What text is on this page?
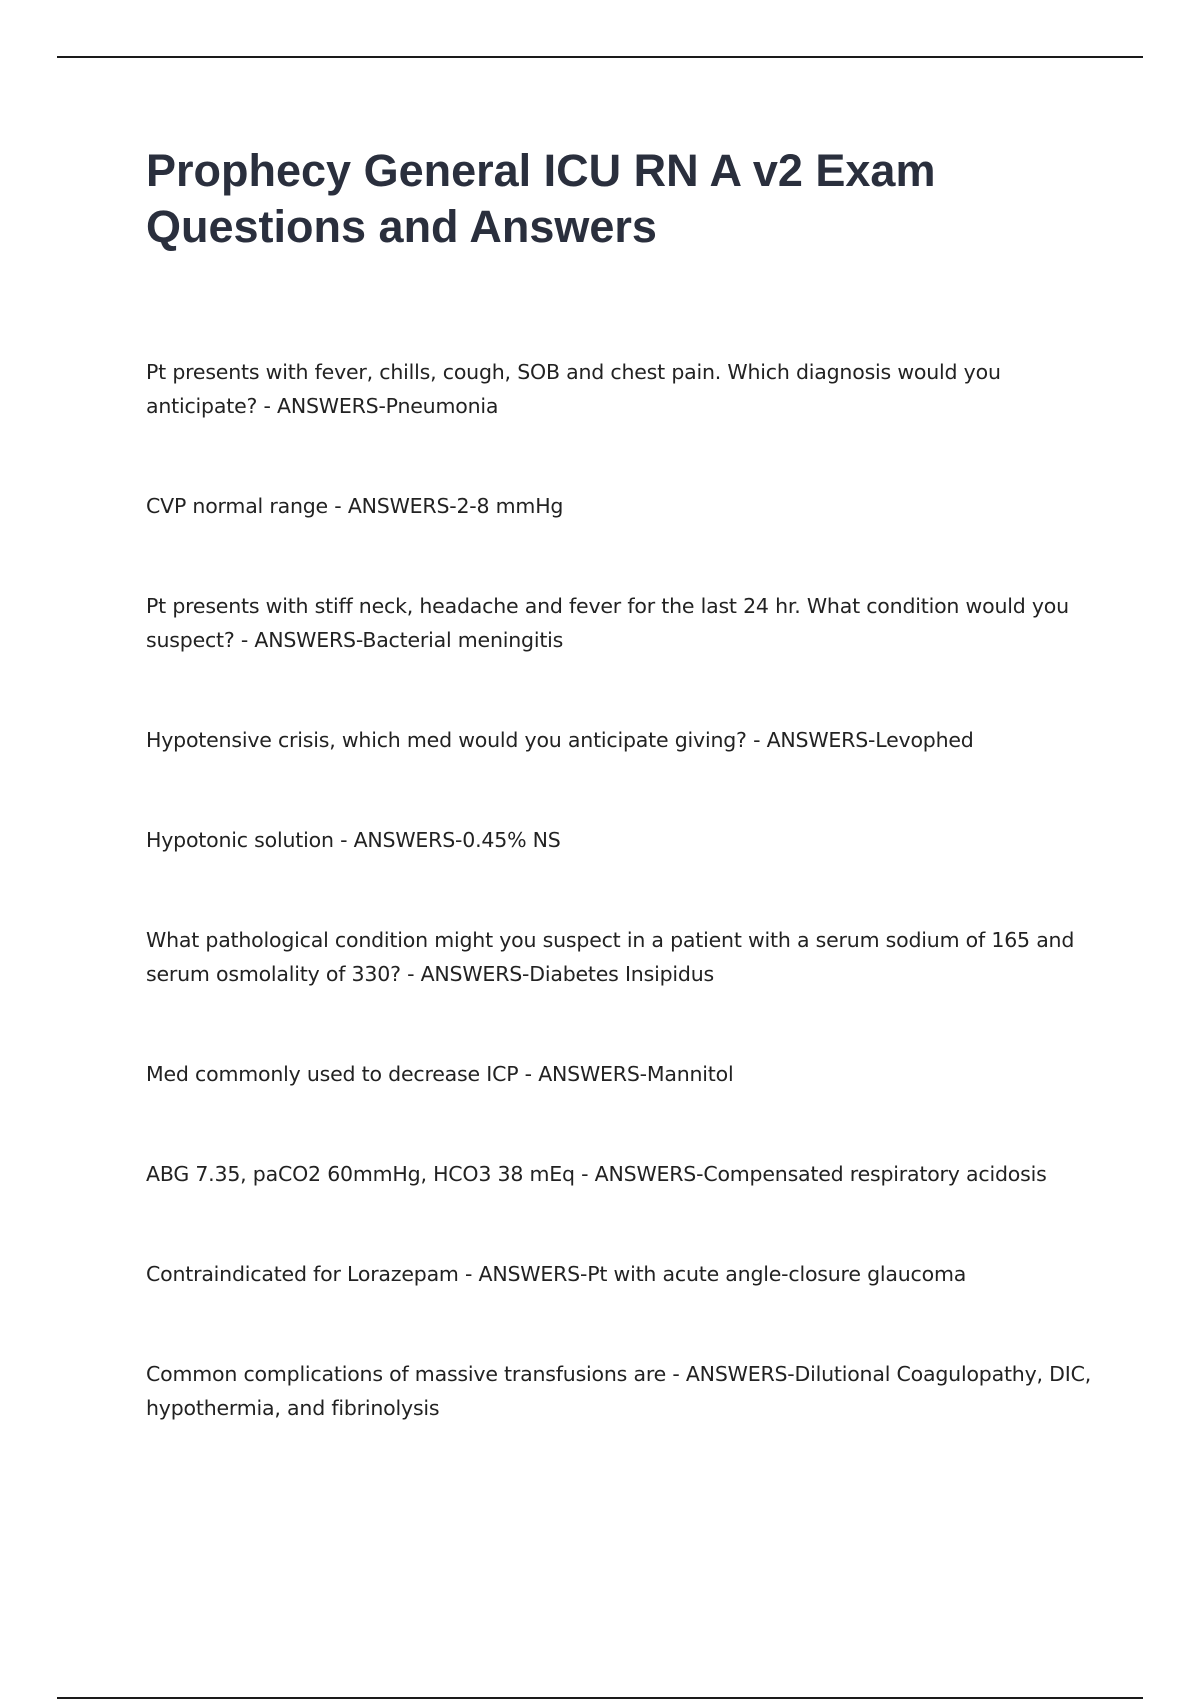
Prophecy General ICU RN A v2 Exam Questions and Answers
Pt presents with fever, chills, cough, SOB and chest pain. Which diagnosis would you anticipate? - ANSWERS-Pneumonia
CVP normal range - ANSWERS-2-8 mmHg
Pt presents with stiff neck, headache and fever for the last 24 hr. What condition would you suspect? - ANSWERS-Bacterial meningitis
Hypotensive crisis, which med would you anticipate giving? - ANSWERS-Levophed
Hypotonic solution - ANSWERS-0.45% NS
What pathological condition might you suspect in a patient with a serum sodium of 165 and serum osmolality of 330? - ANSWERS-Diabetes Insipidus
Med commonly used to decrease ICP - ANSWERS-Mannitol
ABG 7.35, paCO2 60mmHg, HCO3 38 mEq - ANSWERS-Compensated respiratory acidosis
Contraindicated for Lorazepam - ANSWERS-Pt with acute angle-closure glaucoma
Common complications of massive transfusions are - ANSWERS-Dilutional Coagulopathy, DIC, hypothermia, and fibrinolysis
